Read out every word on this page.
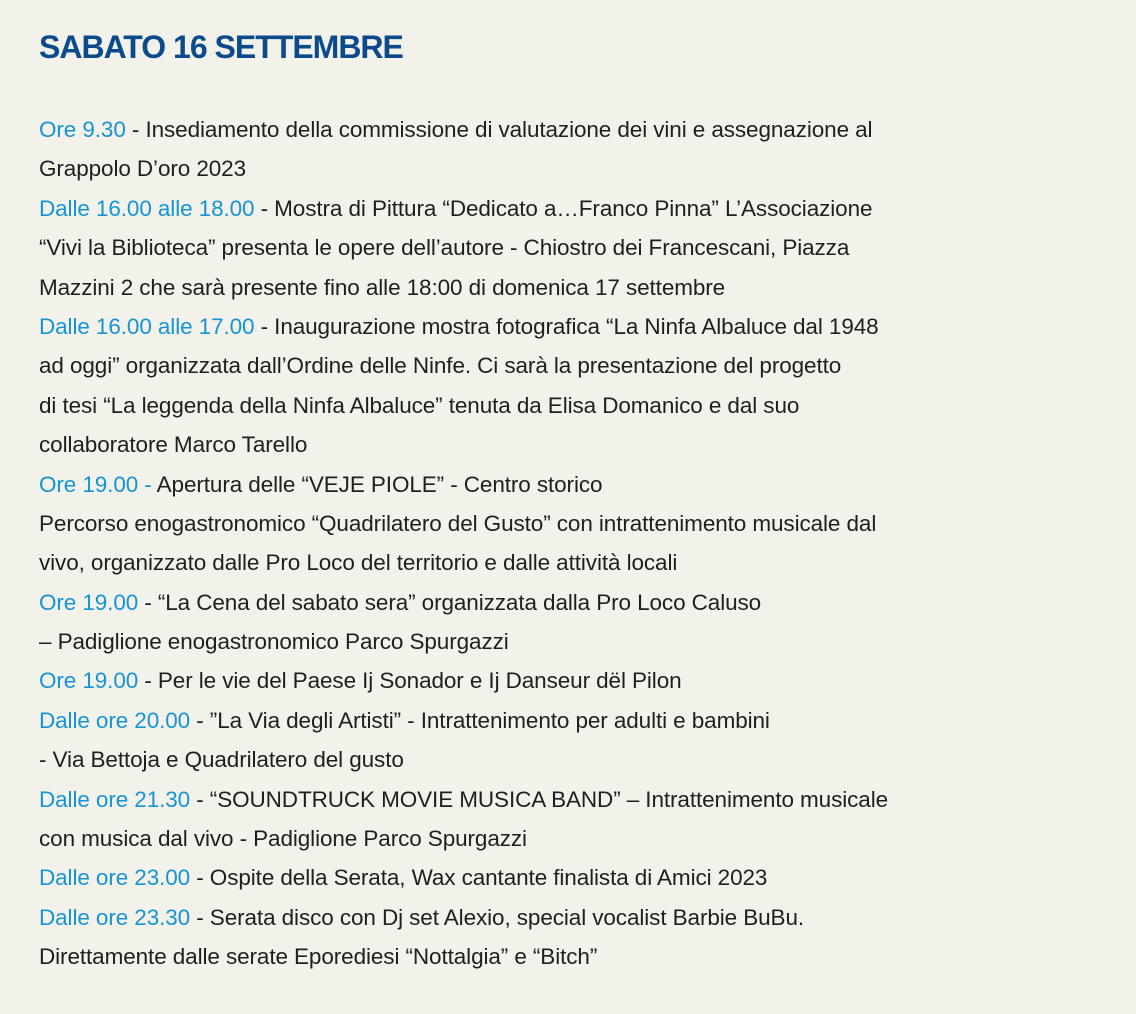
SABATO 16 SETTEMBRE
Ore 9.30 - Insediamento della commissione di valutazione dei vini e assegnazione al
Grappolo D’oro 2023
Dalle 16.00 alle 18.00 - Mostra di Pittura “Dedicato a…Franco Pinna” L’Associazione
“Vivi la Biblioteca” presenta le opere dell’autore - Chiostro dei Francescani, Piazza
Mazzini 2 che sarà presente fino alle 18:00 di domenica 17 settembre
Dalle 16.00 alle 17.00 - Inaugurazione mostra fotografica “La Ninfa Albaluce dal 1948
ad oggi” organizzata dall’Ordine delle Ninfe. Ci sarà la presentazione del progetto
di tesi “La leggenda della Ninfa Albaluce” tenuta da Elisa Domanico e dal suo
collaboratore Marco Tarello
Ore 19.00 - Apertura delle “VEJE PIOLE” - Centro storico
Percorso enogastronomico “Quadrilatero del Gusto” con intrattenimento musicale dal
vivo, organizzato dalle Pro Loco del territorio e dalle attività locali
Ore 19.00 - “La Cena del sabato sera” organizzata dalla Pro Loco Caluso
– Padiglione enogastronomico Parco Spurgazzi
Ore 19.00 - Per le vie del Paese Ij Sonador e Ij Danseur dël Pilon
Dalle ore 20.00 - ”La Via degli Artisti” - Intrattenimento per adulti e bambini
- Via Bettoja e Quadrilatero del gusto
Dalle ore 21.30 - “SOUNDTRUCK MOVIE MUSICA BAND” – Intrattenimento musicale
con musica dal vivo - Padiglione Parco Spurgazzi
Dalle ore 23.00 - Ospite della Serata, Wax cantante finalista di Amici 2023
Dalle ore 23.30 - Serata disco con Dj set Alexio, special vocalist Barbie BuBu.
Direttamente dalle serate Eporediesi “Nottalgia” e “Bitch”
